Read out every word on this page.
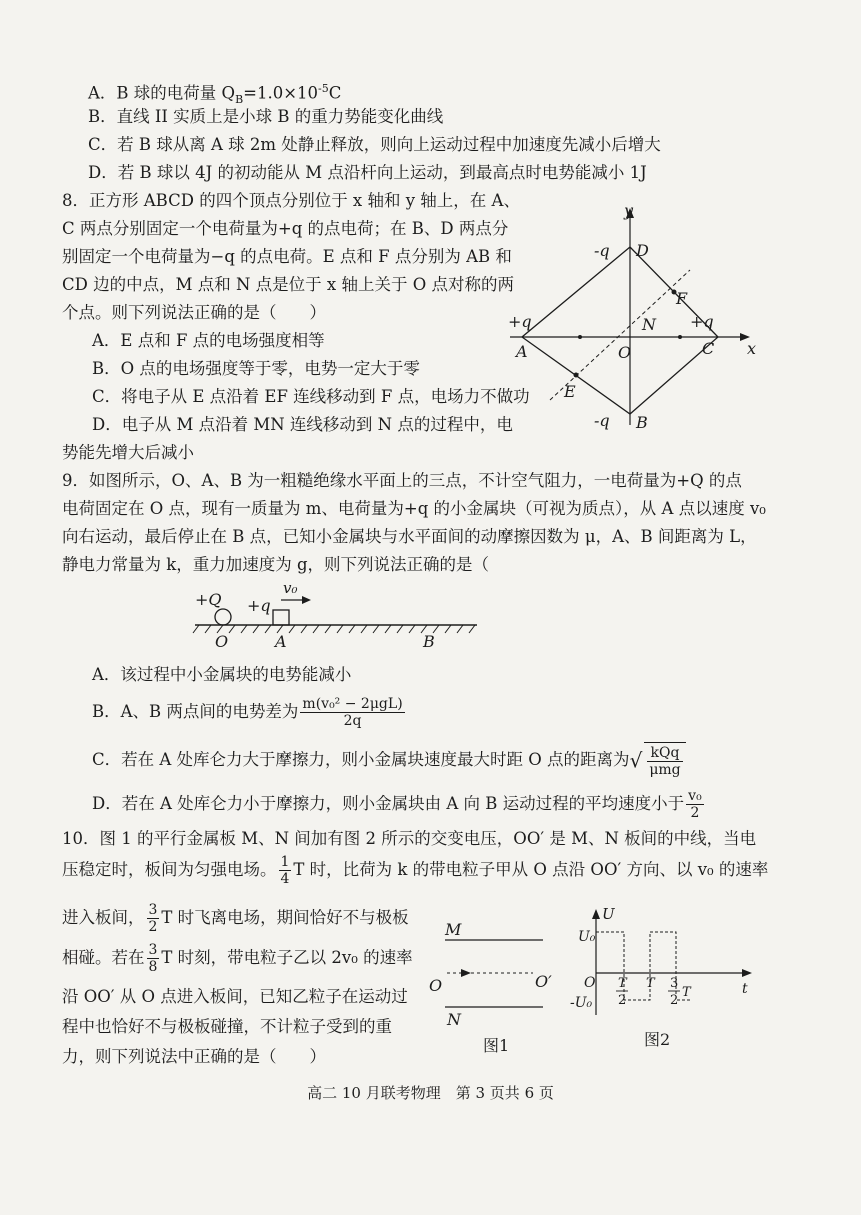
A．B 球的电荷量 $Q_B=1.0\times 10^{-5}C$
B．直线 II 实质上是小球 B 的重力势能变化曲线
C．若 B 球从离 A 球 2m 处静止释放，则向上运动过程中加速度先减小后增大
D．若 B 球以 4J 的初动能从 M 点沿杆向上运动，到最高点时电势能减小 1J
8．正方形 ABCD 的四个顶点分别位于 x 轴和 y 轴上，在 A、
C 两点分别固定一个电荷量为+q 的点电荷；在 B、D 两点分
别固定一个电荷量为−q 的点电荷。E 点和 F 点分别为 AB 和
CD 边的中点，M 点和 N 点是位于 x 轴上关于 O 点对称的两
个点。则下列说法正确的是（　　）
A．E 点和 F 点的电场强度相等
B．O 点的电场强度等于零，电势一定大于零
C．将电子从 E 点沿着 EF 连线移动到 F 点，电场力不做功
D．电子从 M 点沿着 MN 连线移动到 N 点的过程中，电
势能先增大后减小
y
x
D
-q
B
-q
A
+q
C
+q
O
N
E
F
9．如图所示，O、A、B 为一粗糙绝缘水平面上的三点，不计空气阻力，一电荷量为+Q 的点
电荷固定在 O 点，现有一质量为 m、电荷量为+q 的小金属块（可视为质点），从 A 点以速度 v₀
向右运动，最后停止在 B 点，已知小金属块与水平面间的动摩擦因数为 μ，A、B 间距离为 L，
静电力常量为 k，重力加速度为 g，则下列说法正确的是（
+Q +q
v₀
O	A	B
A．该过程中小金属块的电势能减小
B．A、B 两点间的电势差为 $\frac{\text{m(v₀² − 2μgL)}}{2q}$
C．若在 A 处库仑力大于摩擦力，则小金属块速度最大时距 O 点的距离为√ $\frac{\text{kQq}}{\text{μmg}}$
D．若在 A 处库仑力小于摩擦力，则小金属块由 A 向 B 运动过程的平均速度小于 $\frac{\text{v₀}}{2}$
10．图 1 的平行金属板 M、N 间加有图 2 所示的交变电压，OO′ 是 M、N 板间的中线，当电
压稳定时，板间为匀强电场。 $\frac{1}{4}$ T 时，比荷为 k 的带电粒子甲从 O 点沿 OO′ 方向、以 v₀ 的速率
进入板间， $\frac{3}{2}$ T 时飞离电场，期间恰好不与极板
相碰。若在 $\frac{3}{8}$ T 时刻，带电粒子乙以 2v₀ 的速率
沿 OO′ 从 O 点进入板间，已知乙粒子在运动过
程中也恰好不与极板碰撞，不计粒子受到的重
力，则下列说法中正确的是（　　）
M
N
O	O′
图1
U₀
-U₀
U
O T
2
T 3
2
T	t
图2
高二 10 月联考物理　第 3 页共 6 页
